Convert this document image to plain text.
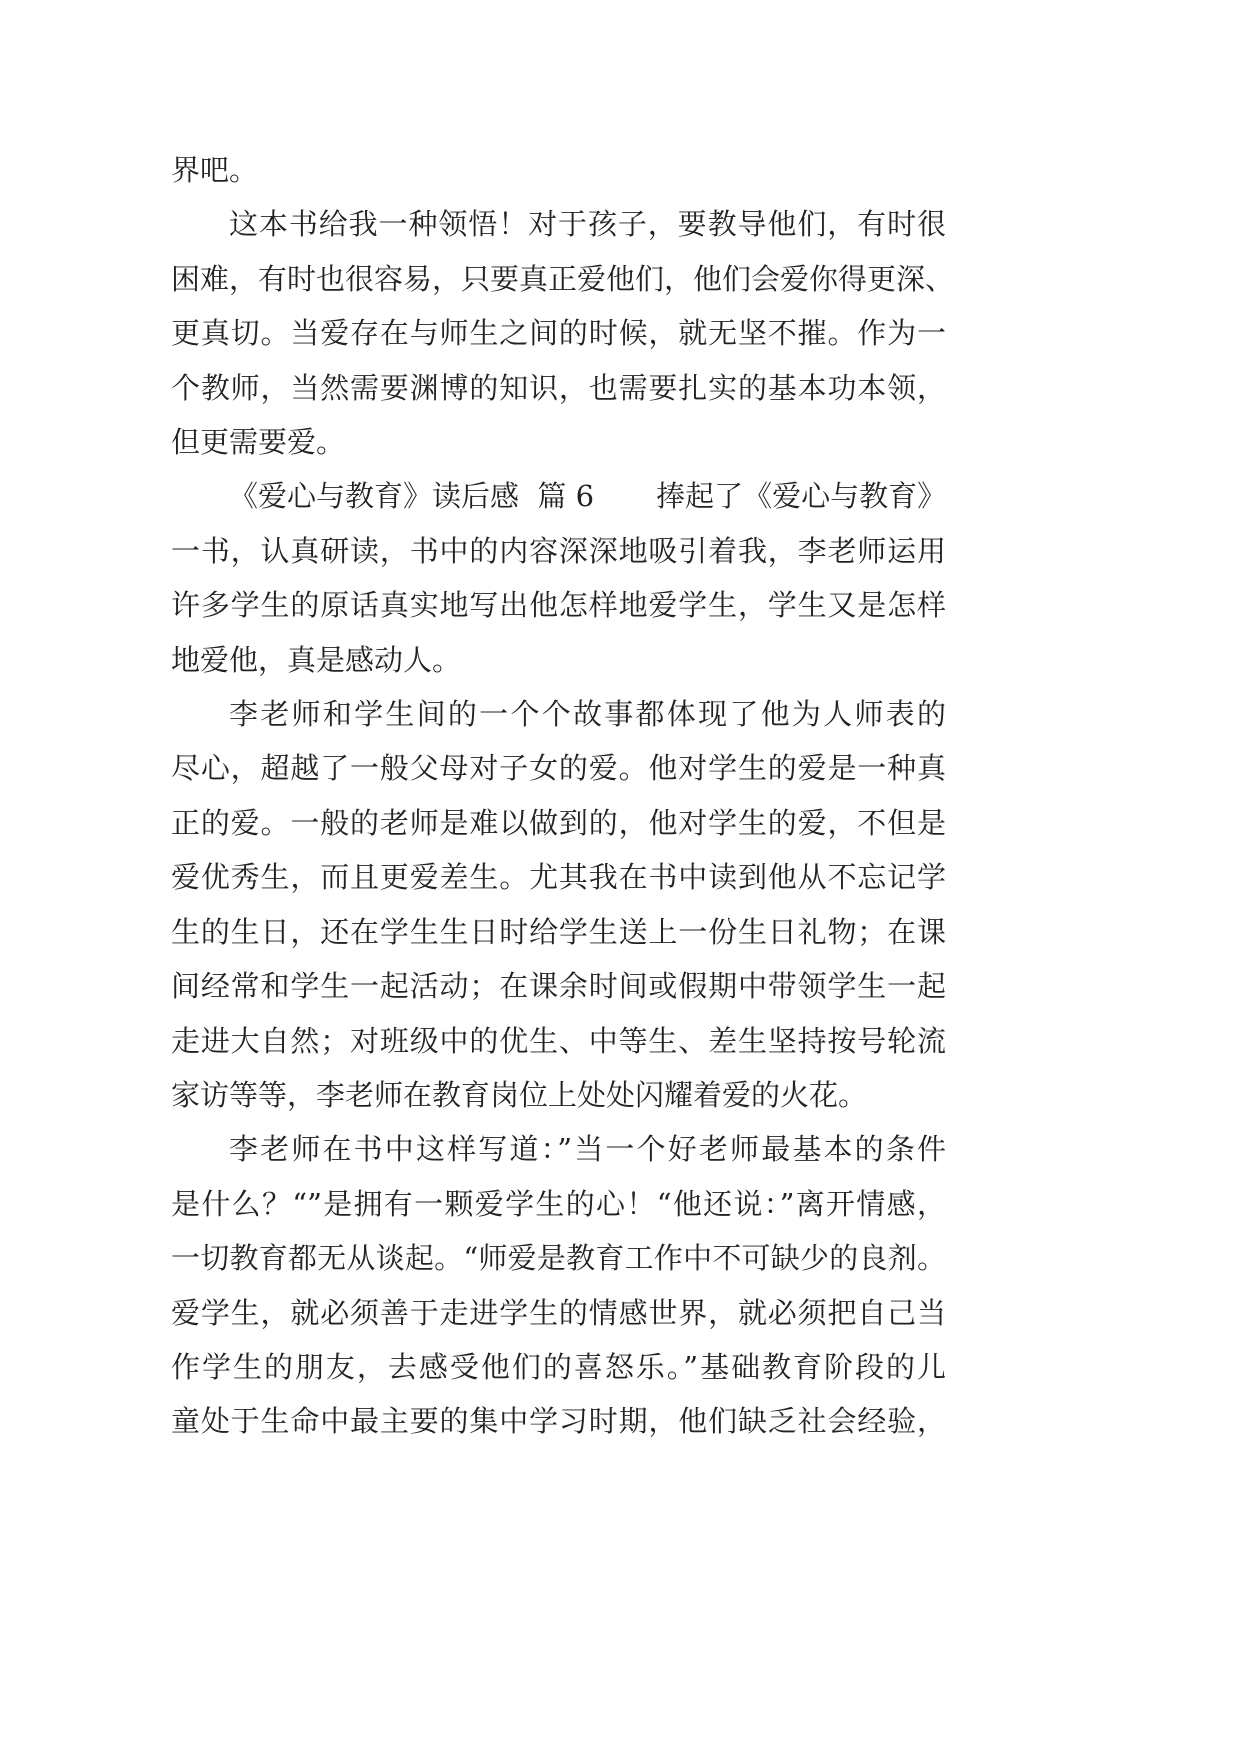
界吧。
这本书给我一种领悟！对于孩子，要教导他们，有时很
困难，有时也很容易，只要真正爱他们，他们会爱你得更深、
更真切。当爱存在与师生之间的时候，就无坚不摧。作为一
个教师，当然需要渊博的知识，也需要扎实的基本功本领，
但更需要爱。
《爱心与教育》读后感  篇 6 捧起了《爱心与教育》
一书，认真研读，书中的内容深深地吸引着我，李老师运用
许多学生的原话真实地写出他怎样地爱学生，学生又是怎样
地爱他，真是感动人。
李老师和学生间的一个个故事都体现了他为人师表的
尽心，超越了一般父母对子女的爱。他对学生的爱是一种真
正的爱。一般的老师是难以做到的，他对学生的爱，不但是
爱优秀生，而且更爱差生。尤其我在书中读到他从不忘记学
生的生日，还在学生生日时给学生送上一份生日礼物；在课
间经常和学生一起活动；在课余时间或假期中带领学生一起
走进大自然；对班级中的优生、中等生、差生坚持按号轮流
家访等等，李老师在教育岗位上处处闪耀着爱的火花。
李老师在书中这样写道：”当一个好老师最基本的条件
是什么？“”是拥有一颗爱学生的心！“他还说：”离开情感，
一切教育都无从谈起。“师爱是教育工作中不可缺少的良剂。
爱学生，就必须善于走进学生的情感世界，就必须把自己当
作学生的朋友，去感受他们的喜怒乐。”基础教育阶段的儿
童处于生命中最主要的集中学习时期，他们缺乏社会经验，
